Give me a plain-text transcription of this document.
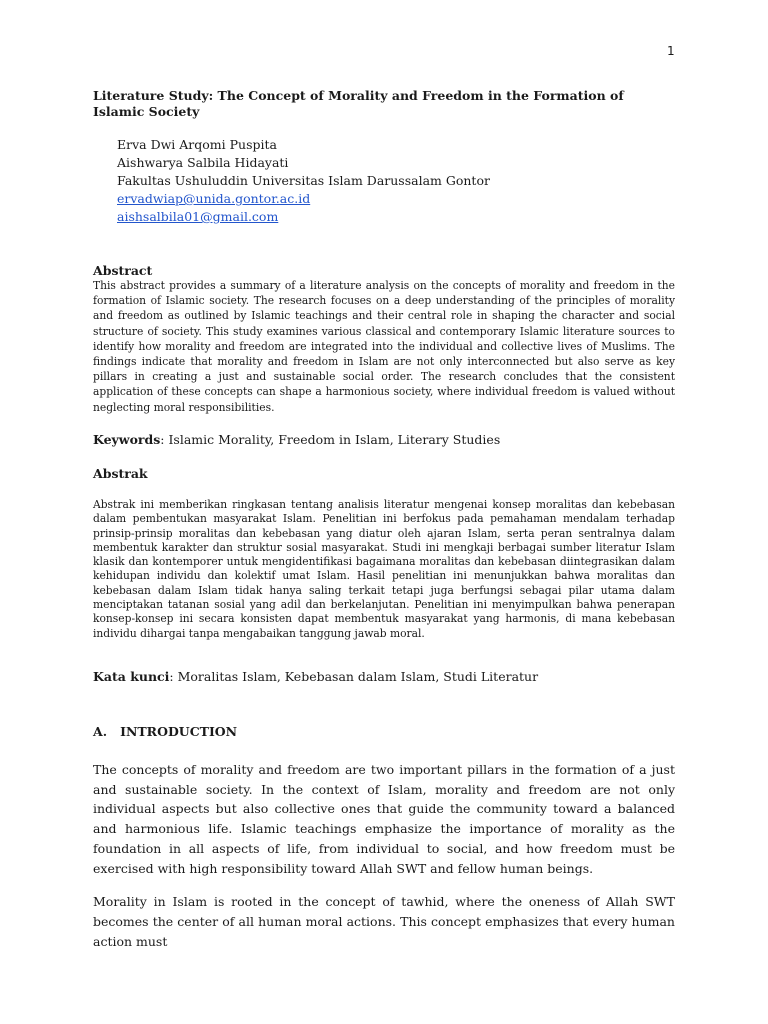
1
Literature Study: The Concept of Morality and Freedom in the Formation of Islamic Society
Erva Dwi Arqomi Puspita
Aishwarya Salbila Hidayati
Fakultas Ushuluddin Universitas Islam Darussalam Gontor
ervadwiap@unida.gontor.ac.id
aishsalbila01@gmail.com
Abstract
This abstract provides a summary of a literature analysis on the concepts of morality and freedom in the formation of Islamic society. The research focuses on a deep understanding of the principles of morality and freedom as outlined by Islamic teachings and their central role in shaping the character and social structure of society. This study examines various classical and contemporary Islamic literature sources to identify how morality and freedom are integrated into the individual and collective lives of Muslims. The findings indicate that morality and freedom in Islam are not only interconnected but also serve as key pillars in creating a just and sustainable social order. The research concludes that the consistent application of these concepts can shape a harmonious society, where individual freedom is valued without neglecting moral responsibilities.
Keywords: Islamic Morality, Freedom in Islam, Literary Studies
Abstrak
Abstrak ini memberikan ringkasan tentang analisis literatur mengenai konsep moralitas dan kebebasan dalam pembentukan masyarakat Islam. Penelitian ini berfokus pada pemahaman mendalam terhadap prinsip-prinsip moralitas dan kebebasan yang diatur oleh ajaran Islam, serta peran sentralnya dalam membentuk karakter dan struktur sosial masyarakat. Studi ini mengkaji berbagai sumber literatur Islam klasik dan kontemporer untuk mengidentifikasi bagaimana moralitas dan kebebasan diintegrasikan dalam kehidupan individu dan kolektif umat Islam. Hasil penelitian ini menunjukkan bahwa moralitas dan kebebasan dalam Islam tidak hanya saling terkait tetapi juga berfungsi sebagai pilar utama dalam menciptakan tatanan sosial yang adil dan berkelanjutan. Penelitian ini menyimpulkan bahwa penerapan konsep-konsep ini secara konsisten dapat membentuk masyarakat yang harmonis, di mana kebebasan individu dihargai tanpa mengabaikan tanggung jawab moral.
Kata kunci: Moralitas Islam, Kebebasan dalam Islam, Studi Literatur
A.   INTRODUCTION
The concepts of morality and freedom are two important pillars in the formation of a just and sustainable society. In the context of Islam, morality and freedom are not only individual aspects but also collective ones that guide the community toward a balanced and harmonious life. Islamic teachings emphasize the importance of morality as the foundation in all aspects of life, from individual to social, and how freedom must be exercised with high responsibility toward Allah SWT and fellow human beings.
Morality in Islam is rooted in the concept of tawhid, where the oneness of Allah SWT becomes the center of all human moral actions. This concept emphasizes that every human action must
